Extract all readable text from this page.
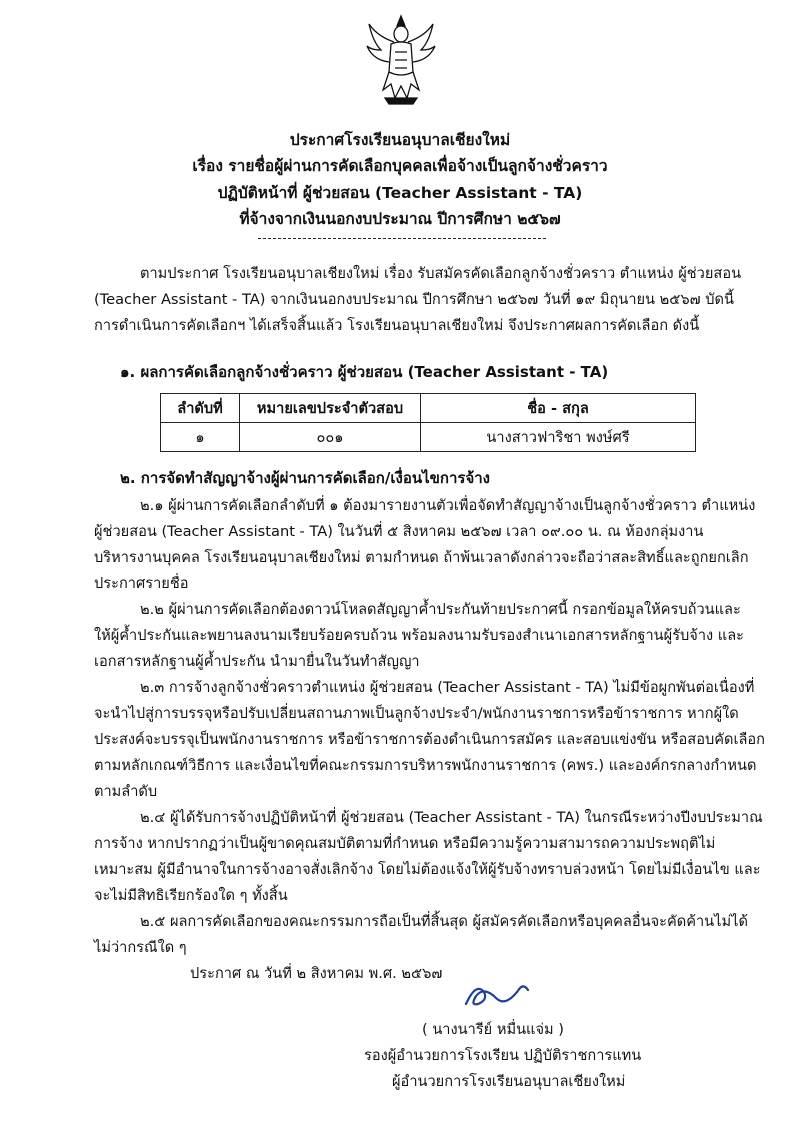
ประกาศโรงเรียนอนุบาลเชียงใหม่
เรื่อง รายชื่อผู้ผ่านการคัดเลือกบุคคลเพื่อจ้างเป็นลูกจ้างชั่วคราว
ปฏิบัติหน้าที่ ผู้ช่วยสอน (Teacher Assistant - TA)
ที่จ้างจากเงินนอกงบประมาณ ปีการศึกษา ๒๕๖๗
ตามประกาศ โรงเรียนอนุบาลเชียงใหม่ เรื่อง รับสมัครคัดเลือกลูกจ้างชั่วคราว ตำแหน่ง ผู้ช่วยสอน
(Teacher Assistant - TA) จากเงินนอกงบประมาณ ปีการศึกษา ๒๕๖๗ วันที่ ๑๙ มิถุนายน ๒๕๖๗ บัดนี้
การดำเนินการคัดเลือกฯ ได้เสร็จสิ้นแล้ว โรงเรียนอนุบาลเชียงใหม่ จึงประกาศผลการคัดเลือก ดังนี้
๑. ผลการคัดเลือกลูกจ้างชั่วคราว ผู้ช่วยสอน (Teacher Assistant - TA)
ลำดับที่	หมายเลขประจำตัวสอบ	ชื่อ - สกุล
๑	๐๐๑	นางสาวฟาริชา พงษ์ศรี
๒. การจัดทำสัญญาจ้างผู้ผ่านการคัดเลือก/เงื่อนไขการจ้าง
๒.๑ ผู้ผ่านการคัดเลือกลำดับที่ ๑ ต้องมารายงานตัวเพื่อจัดทำสัญญาจ้างเป็นลูกจ้างชั่วคราว ตำแหน่ง
ผู้ช่วยสอน (Teacher Assistant - TA) ในวันที่ ๕ สิงหาคม ๒๕๖๗ เวลา ๐๙.๐๐ น. ณ ห้องกลุ่มงาน
บริหารงานบุคคล โรงเรียนอนุบาลเชียงใหม่ ตามกำหนด ถ้าพ้นเวลาดังกล่าวจะถือว่าสละสิทธิ์และถูกยกเลิก
ประกาศรายชื่อ
๒.๒ ผู้ผ่านการคัดเลือกต้องดาวน์โหลดสัญญาค้ำประกันท้ายประกาศนี้ กรอกข้อมูลให้ครบถ้วนและ
ให้ผู้ค้ำประกันและพยานลงนามเรียบร้อยครบถ้วน พร้อมลงนามรับรองสำเนาเอกสารหลักฐานผู้รับจ้าง และ
เอกสารหลักฐานผู้ค้ำประกัน นำมายื่นในวันทำสัญญา
๒.๓ การจ้างลูกจ้างชั่วคราวตำแหน่ง ผู้ช่วยสอน (Teacher Assistant - TA) ไม่มีข้อผูกพันต่อเนื่องที่
จะนำไปสู่การบรรจุหรือปรับเปลี่ยนสถานภาพเป็นลูกจ้างประจำ/พนักงานราชการหรือข้าราชการ หากผู้ใด
ประสงค์จะบรรจุเป็นพนักงานราชการ หรือข้าราชการต้องดำเนินการสมัคร และสอบแข่งขัน หรือสอบคัดเลือก
ตามหลักเกณฑ์วิธีการ และเงื่อนไขที่คณะกรรมการบริหารพนักงานราชการ (คพร.) และองค์กรกลางกำหนด
ตามลำดับ
๒.๔ ผู้ได้รับการจ้างปฏิบัติหน้าที่ ผู้ช่วยสอน (Teacher Assistant - TA) ในกรณีระหว่างปีงบประมาณ
การจ้าง หากปรากฏว่าเป็นผู้ขาดคุณสมบัติตามที่กำหนด หรือมีความรู้ความสามารถความประพฤติไม่
เหมาะสม ผู้มีอำนาจในการจ้างอาจสั่งเลิกจ้าง โดยไม่ต้องแจ้งให้ผู้รับจ้างทราบล่วงหน้า โดยไม่มีเงื่อนไข และ
จะไม่มีสิทธิเรียกร้องใด ๆ ทั้งสิ้น
๒.๕ ผลการคัดเลือกของคณะกรรมการถือเป็นที่สิ้นสุด ผู้สมัครคัดเลือกหรือบุคคลอื่นจะคัดค้านไม่ได้
ไม่ว่ากรณีใด ๆ
ประกาศ ณ วันที่ ๒ สิงหาคม พ.ศ. ๒๕๖๗
( นางนารีย์ หมื่นแจ่ม )
รองผู้อำนวยการโรงเรียน ปฏิบัติราชการแทน
ผู้อำนวยการโรงเรียนอนุบาลเชียงใหม่
